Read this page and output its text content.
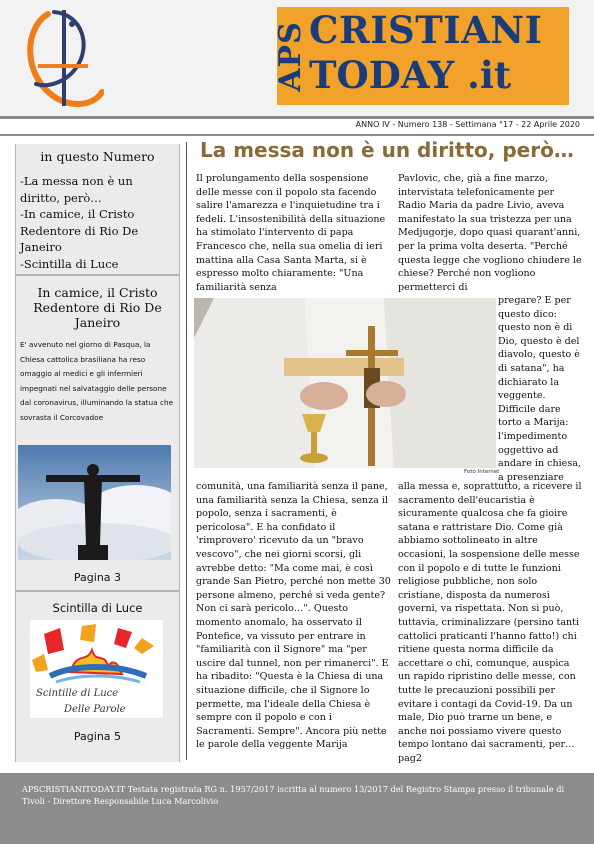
APS CRISTIANI
TODAY .it
ANNO IV - Numero 138 - Settimana °17 - 22 Aprile 2020
in questo Numero
-La messa non è un
diritto, però…
-In camice, il Cristo
Redentore di Rio De
Janeiro
-Scintilla di Luce
In camice, il Cristo Redentore di Rio De Janeiro
E' avvenuto nel giorno di Pasqua, la Chiesa cattolica brasiliana ha reso omaggio al medici e gli infermieri impegnati nel salvataggio delle persone dal coronavirus, illuminando la statua che sovrasta il Corcovadoe
Pagina 3
Scintilla di Luce
Scintille di Luce
Delle Parole
Pagina 5
La messa non è un diritto, però…

Il prolungamento della sospensione delle messe con il popolo sta facendo salire l'amarezza e l'inquietudine tra i fedeli. L'insostenibilità della situazione ha stimolato l'intervento di papa Francesco che, nella sua omelia di ieri mattina alla Casa Santa Marta, si è espresso molto chiaramente: "Una familiarità senza

Pavlovic, che, già a fine marzo, intervistata telefonicamente per Radio Maria da padre Livio, aveva manifestato la sua tristezza per una Medjugorje, dopo quasi quarant'anni, per la prima volta deserta. "Perché questa legge che vogliono chiudere le chiese? Perché non vogliono permetterci di

Foto Internet

pregare? E per questo dico: questo non è di Dio, questo è del diavolo, questo è di satana", ha dichiarato la veggente. Difficile dare torto a Marija: l'impedimento oggettivo ad andare in chiesa, a presenziare

comunità, una familiarità senza il pane, una familiarità senza la Chiesa, senza il popolo, senza i sacramenti, è pericolosa". E ha confidato il 'rimprovero' ricevuto da un "bravo vescovo", che nei giorni scorsi, gli avrebbe detto: "Ma come mai, è così grande San Pietro, perché non mette 30 persone almeno, perché si veda gente? Non ci sarà pericolo…". Questo momento anomalo, ha osservato il Pontefice, va vissuto per entrare in "familiarità con il Signore" ma "per uscire dal tunnel, non per rimanerci". E ha ribadito: "Questa è la Chiesa di una situazione difficile, che il Signore lo permette, ma l'ideale della Chiesa è sempre con il popolo e con i Sacramenti. Sempre". Ancora più nette le parole della veggente Marija

alla messa e, soprattutto, a ricevere il sacramento dell'eucaristia è sicuramente qualcosa che fa gioire satana e rattristare Dio. Come già abbiamo sottolineato in altre occasioni, la sospensione delle messe con il popolo e di tutte le funzioni religiose pubbliche, non solo cristiane, disposta da numerosi governi, va rispettata. Non si può, tuttavia, criminalizzare (persino tanti cattolici praticanti l'hanno fatto!) chi ritiene questa norma difficile da accettare o chi, comunque, auspica un rapido ripristino delle messe, con tutte le precauzioni possibili per evitare i contagi da Covid-19. Da un male, Dio può trarne un bene, e anche noi possiamo vivere questo tempo lontano dai sacramenti, per… pag2

APSCRISTIANITODAY.IT Testata registrata RG n. 1957/2017 iscritta al numero 13/2017 del Registro Stampa presso il tribunale di Tivoli - Direttore Responsabile Luca Marcolivio
